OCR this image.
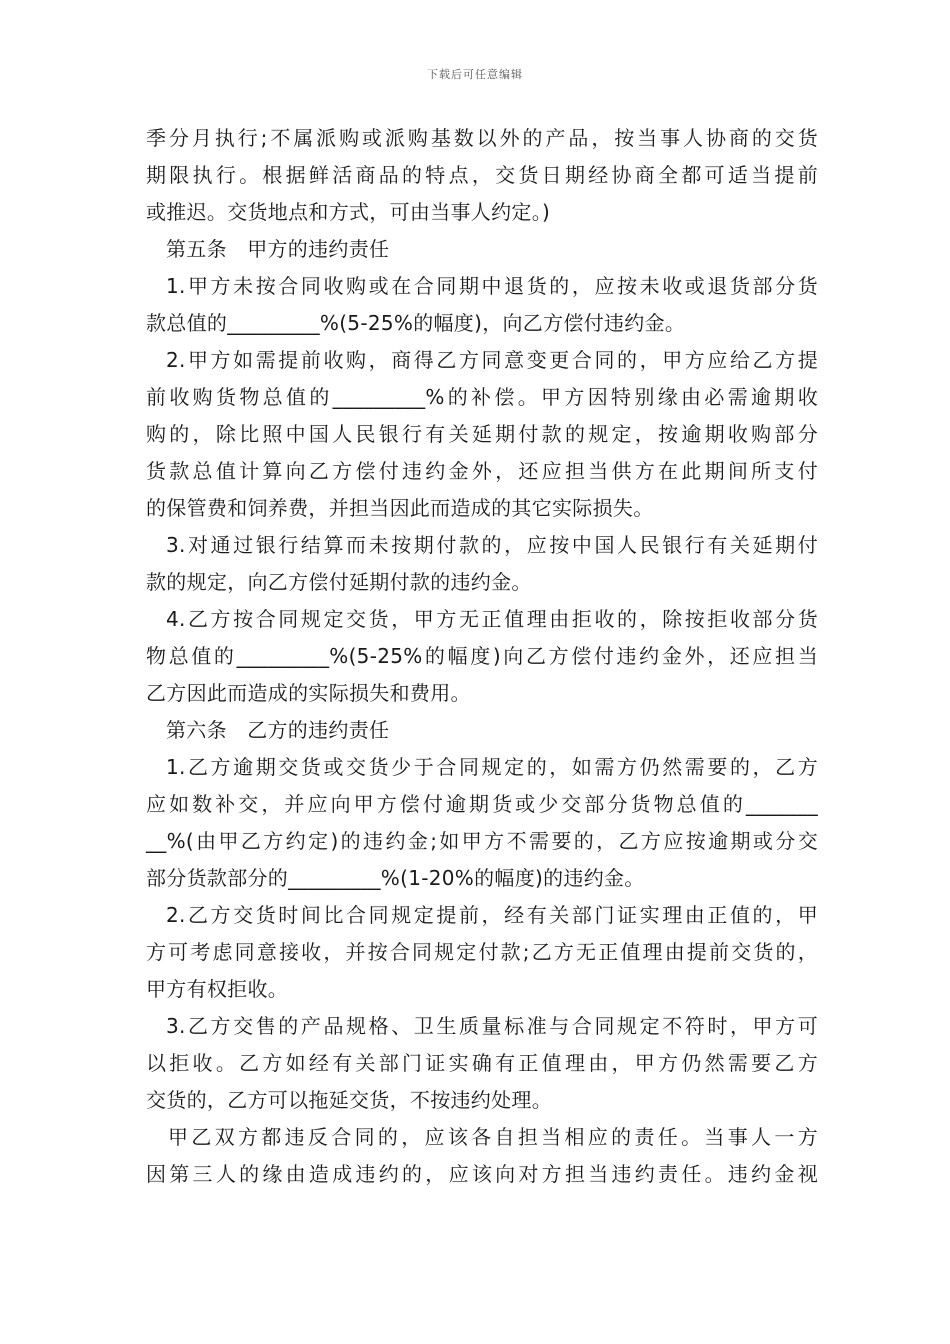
下载后可任意编辑
季分月执行;不属派购或派购基数以外的产品，按当事人协商的交货
期限执行。根据鲜活商品的特点，交货日期经协商全都可适当提前
或推迟。交货地点和方式，可由当事人约定。)
第五条　甲方的违约责任
1.甲方未按合同收购或在合同期中退货的，应按未收或退货部分货
款总值的_________%(5-25%的幅度)，向乙方偿付违约金。
2.甲方如需提前收购，商得乙方同意变更合同的，甲方应给乙方提
前收购货物总值的_________%的补偿。甲方因特别缘由必需逾期收
购的，除比照中国人民银行有关延期付款的规定，按逾期收购部分
货款总值计算向乙方偿付违约金外，还应担当供方在此期间所支付
的保管费和饲养费，并担当因此而造成的其它实际损失。
3.对通过银行结算而未按期付款的，应按中国人民银行有关延期付
款的规定，向乙方偿付延期付款的违约金。
4.乙方按合同规定交货，甲方无正值理由拒收的，除按拒收部分货
物总值的_________%(5-25%的幅度)向乙方偿付违约金外，还应担当
乙方因此而造成的实际损失和费用。
第六条　乙方的违约责任
1.乙方逾期交货或交货少于合同规定的，如需方仍然需要的，乙方
应如数补交，并应向甲方偿付逾期货或少交部分货物总值的_______
__%(由甲乙方约定)的违约金;如甲方不需要的，乙方应按逾期或分交
部分货款部分的_________%(1-20%的幅度)的违约金。
2.乙方交货时间比合同规定提前，经有关部门证实理由正值的，甲
方可考虑同意接收，并按合同规定付款;乙方无正值理由提前交货的，
甲方有权拒收。
3.乙方交售的产品规格、卫生质量标准与合同规定不符时，甲方可
以拒收。乙方如经有关部门证实确有正值理由，甲方仍然需要乙方
交货的，乙方可以拖延交货，不按违约处理。
甲乙双方都违反合同的，应该各自担当相应的责任。当事人一方
因第三人的缘由造成违约的，应该向对方担当违约责任。违约金视
